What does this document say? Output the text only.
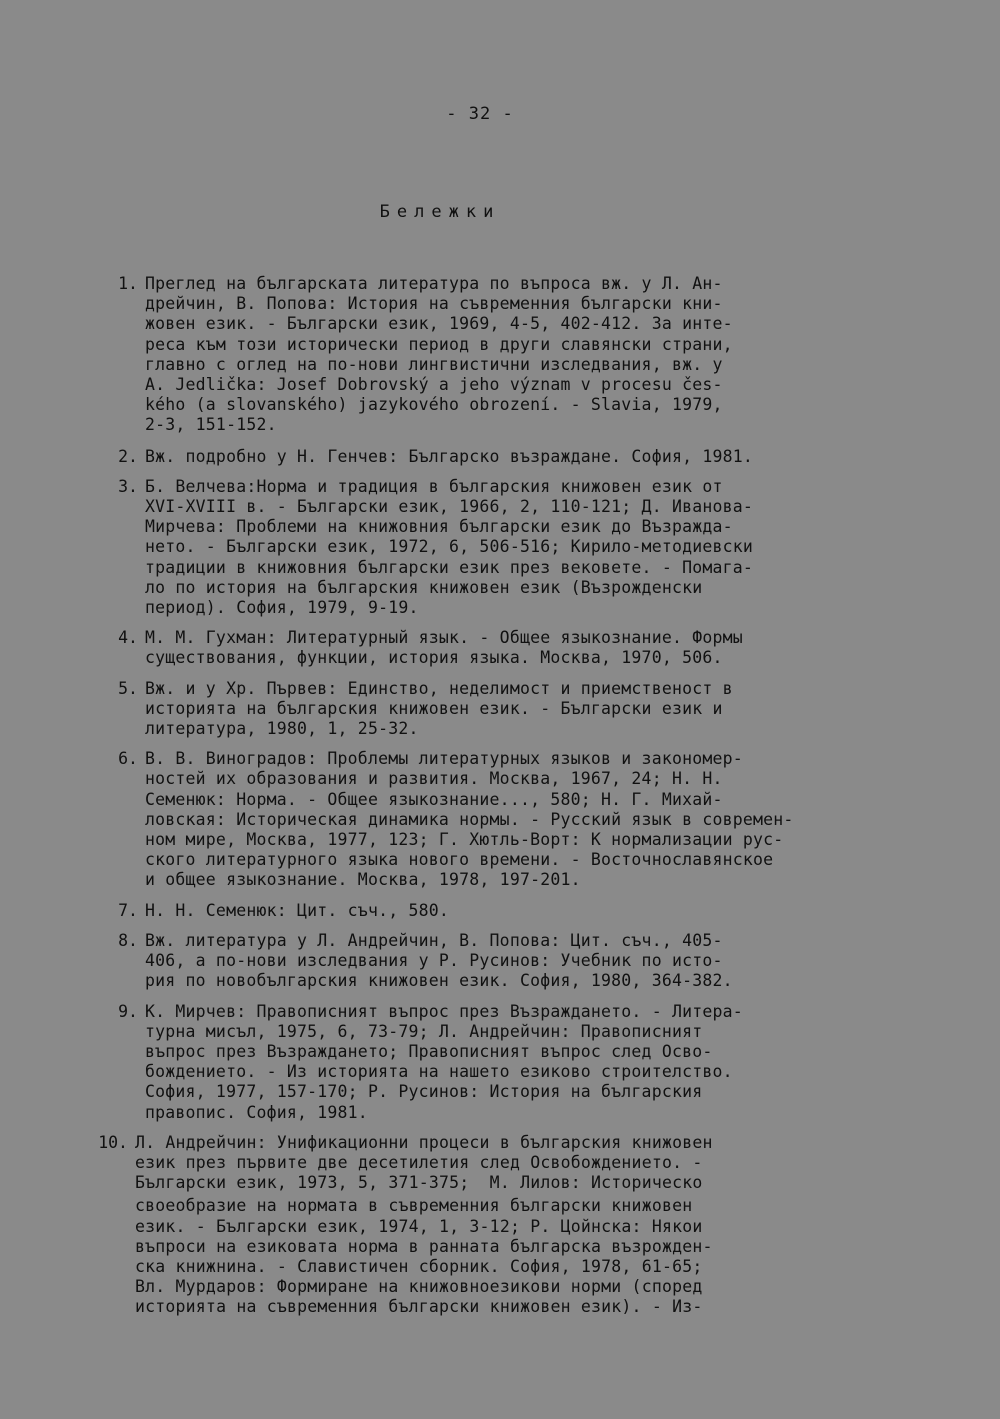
- 32 -
Бележки
1. Преглед на българската литература по въпроса вж. у Л. Ан-
дрейчин, В. Попова: История на съвременния български кни-
жовен език. - Български език, 1969, 4-5, 402-412. За инте-
реса към този исторически период в други славянски страни,
главно с оглед на по-нови лингвистични изследвания, вж. у
A. Jedlička: Josef Dobrovský a jeho význam v procesu čes-
kého (a slovanského) jazykového obrození. - Slavia, 1979,
2-3, 151-152.
2. Вж. подробно у Н. Генчев: Българско възраждане. София, 1981.
3. Б. Велчева:Норма и традиция в българския книжовен език от
XVI-XVIII в. - Български език, 1966, 2, 110-121; Д. Иванова-
Мирчева: Проблеми на книжовния български език до Възражда-
нето. - Български език, 1972, 6, 506-516; Кирило-методиевски
традиции в книжовния български език през вековете. - Помага-
ло по история на българския книжовен език (Възрожденски
период). София, 1979, 9-19.
4. М. М. Гухман: Литературный язык. - Общее языкознание. Формы
существования, функции, история языка. Москва, 1970, 506.
5. Вж. и у Хр. Първев: Единство, неделимост и приемственост в
историята на българския книжовен език. - Български език и
литература, 1980, 1, 25-32.
6. В. В. Виноградов: Проблемы литературных языков и закономер-
ностей их образования и развития. Москва, 1967, 24; Н. Н.
Семенюк: Норма. - Общее языкознание..., 580; Н. Г. Михай-
ловская: Историческая динамика нормы. - Русский язык в современ-
ном мире, Москва, 1977, 123; Г. Хютль-Ворт: К нормализации рус-
ского литературного языка нового времени. - Восточнославянское
и общее языкознание. Москва, 1978, 197-201.
7. Н. Н. Семенюк: Цит. съч., 580.
8. Вж. литература у Л. Андрейчин, В. Попова: Цит. съч., 405-
406, а по-нови изследвания у Р. Русинов: Учебник по исто-
рия по новобългарския книжовен език. София, 1980, 364-382.
9. К. Мирчев: Правописният въпрос през Възраждането. - Литера-
турна мисъл, 1975, 6, 73-79; Л. Андрейчин: Правописният
въпрос през Възраждането; Правописният въпрос след Осво-
бождението. - Из историята на нашето езиково строителство.
София, 1977, 157-170; Р. Русинов: История на българския
правопис. София, 1981.
10. Л. Андрейчин: Унификационни процеси в българския книжовен
език през първите две десетилетия след Освобождението. -
Български език, 1973, 5, 371-375;  М. Лилов: Историческо
своеобразие на нормата в съвременния български книжовен
език. - Български език, 1974, 1, 3-12; Р. Цойнска: Някои
въпроси на езиковата норма в ранната българска възрожден-
ска книжнина. - Славистичен сборник. София, 1978, 61-65;
Вл. Мурдаров: Формиране на книжовноезикови норми (според
историята на съвременния български книжовен език). - Из-
